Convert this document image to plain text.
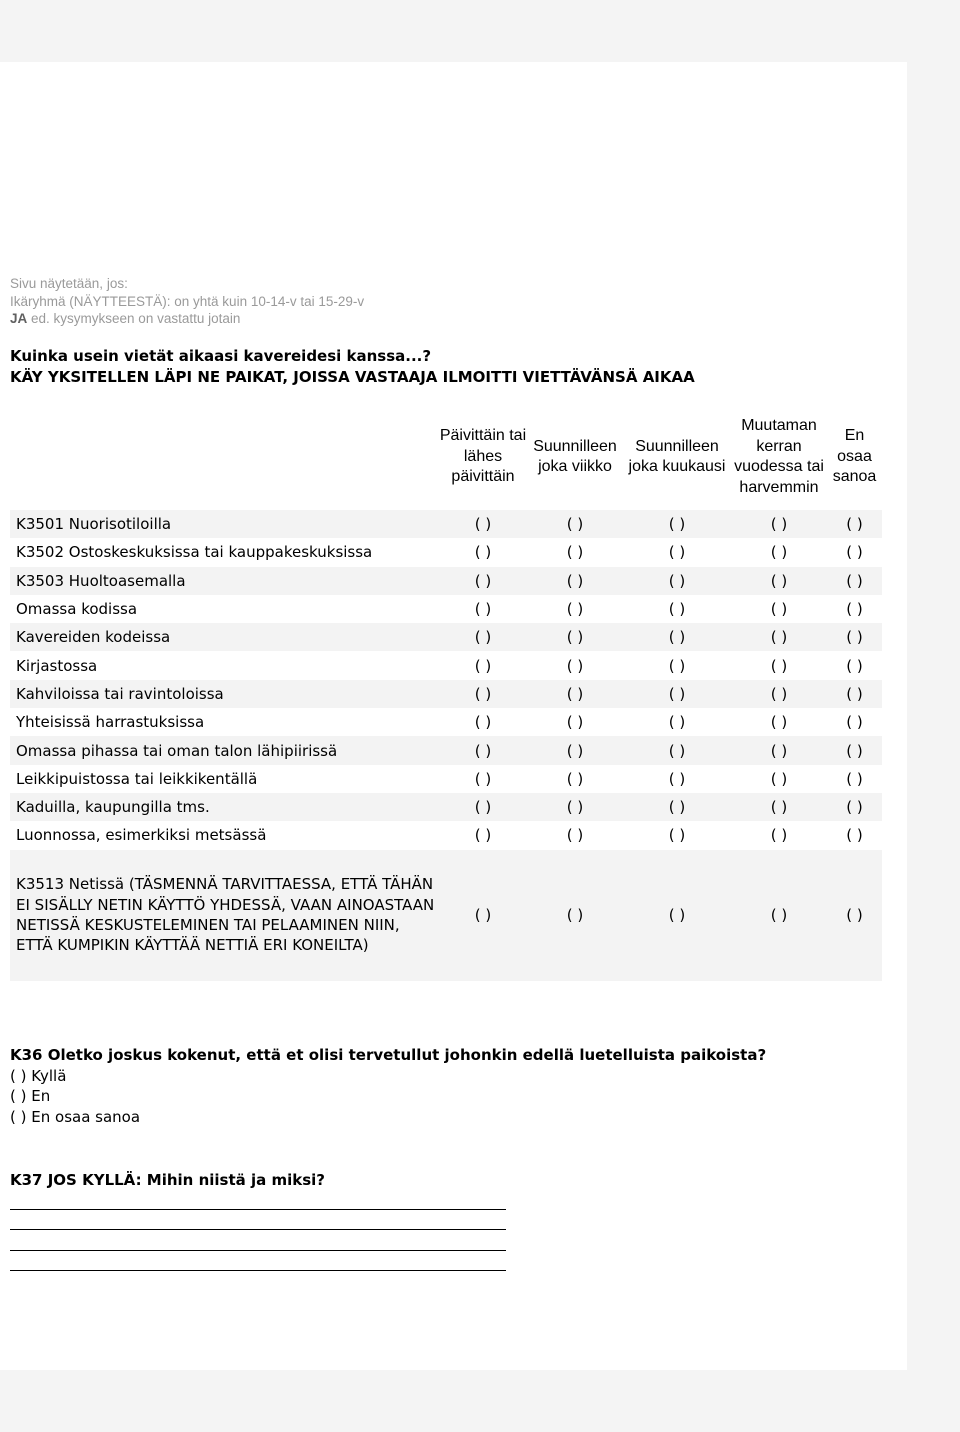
Sivu näytetään, jos:
Ikäryhmä (NÄYTTEESTÄ): on yhtä kuin 10-14-v tai 15-29-v
JA ed. kysymykseen on vastattu jotain
Kuinka usein vietät aikaasi kavereidesi kanssa...?
KÄY YKSITELLEN LÄPI NE PAIKAT, JOISSA VASTAAJA ILMOITTI VIETTÄVÄNSÄ AIKAA
	Päivittäin tai lähes päivittäin	Suunnilleen joka viikko	Suunnilleen joka kuukausi	Muutaman kerran vuodessa tai harvemmin	En osaa sanoa
K3501 Nuorisotiloilla	( )	( )	( )	( )	( )
K3502 Ostoskeskuksissa tai kauppakeskuksissa	( )	( )	( )	( )	( )
K3503 Huoltoasemalla	( )	( )	( )	( )	( )
Omassa kodissa	( )	( )	( )	( )	( )
Kavereiden kodeissa	( )	( )	( )	( )	( )
Kirjastossa	( )	( )	( )	( )	( )
Kahviloissa tai ravintoloissa	( )	( )	( )	( )	( )
Yhteisissä harrastuksissa	( )	( )	( )	( )	( )
Omassa pihassa tai oman talon lähipiirissä	( )	( )	( )	( )	( )
Leikkipuistossa tai leikkikentällä	( )	( )	( )	( )	( )
Kaduilla, kaupungilla tms.	( )	( )	( )	( )	( )
Luonnossa, esimerkiksi metsässä	( )	( )	( )	( )	( )
K3513 Netissä (TÄSMENNÄ TARVITTAESSA, ETTÄ TÄHÄN EI SISÄLLY NETIN KÄYTTÖ YHDESSÄ, VAAN AINOASTAAN NETISSÄ KESKUSTELEMINEN TAI PELAAMINEN NIIN, ETTÄ KUMPIKIN KÄYTTÄÄ NETTIÄ ERI KONEILTA)	( )	( )	( )	( )	( )
K36 Oletko joskus kokenut, että et olisi tervetullut johonkin edellä luetelluista paikoista?
( ) Kyllä
( ) En
( ) En osaa sanoa
K37 JOS KYLLÄ: Mihin niistä ja miksi?
